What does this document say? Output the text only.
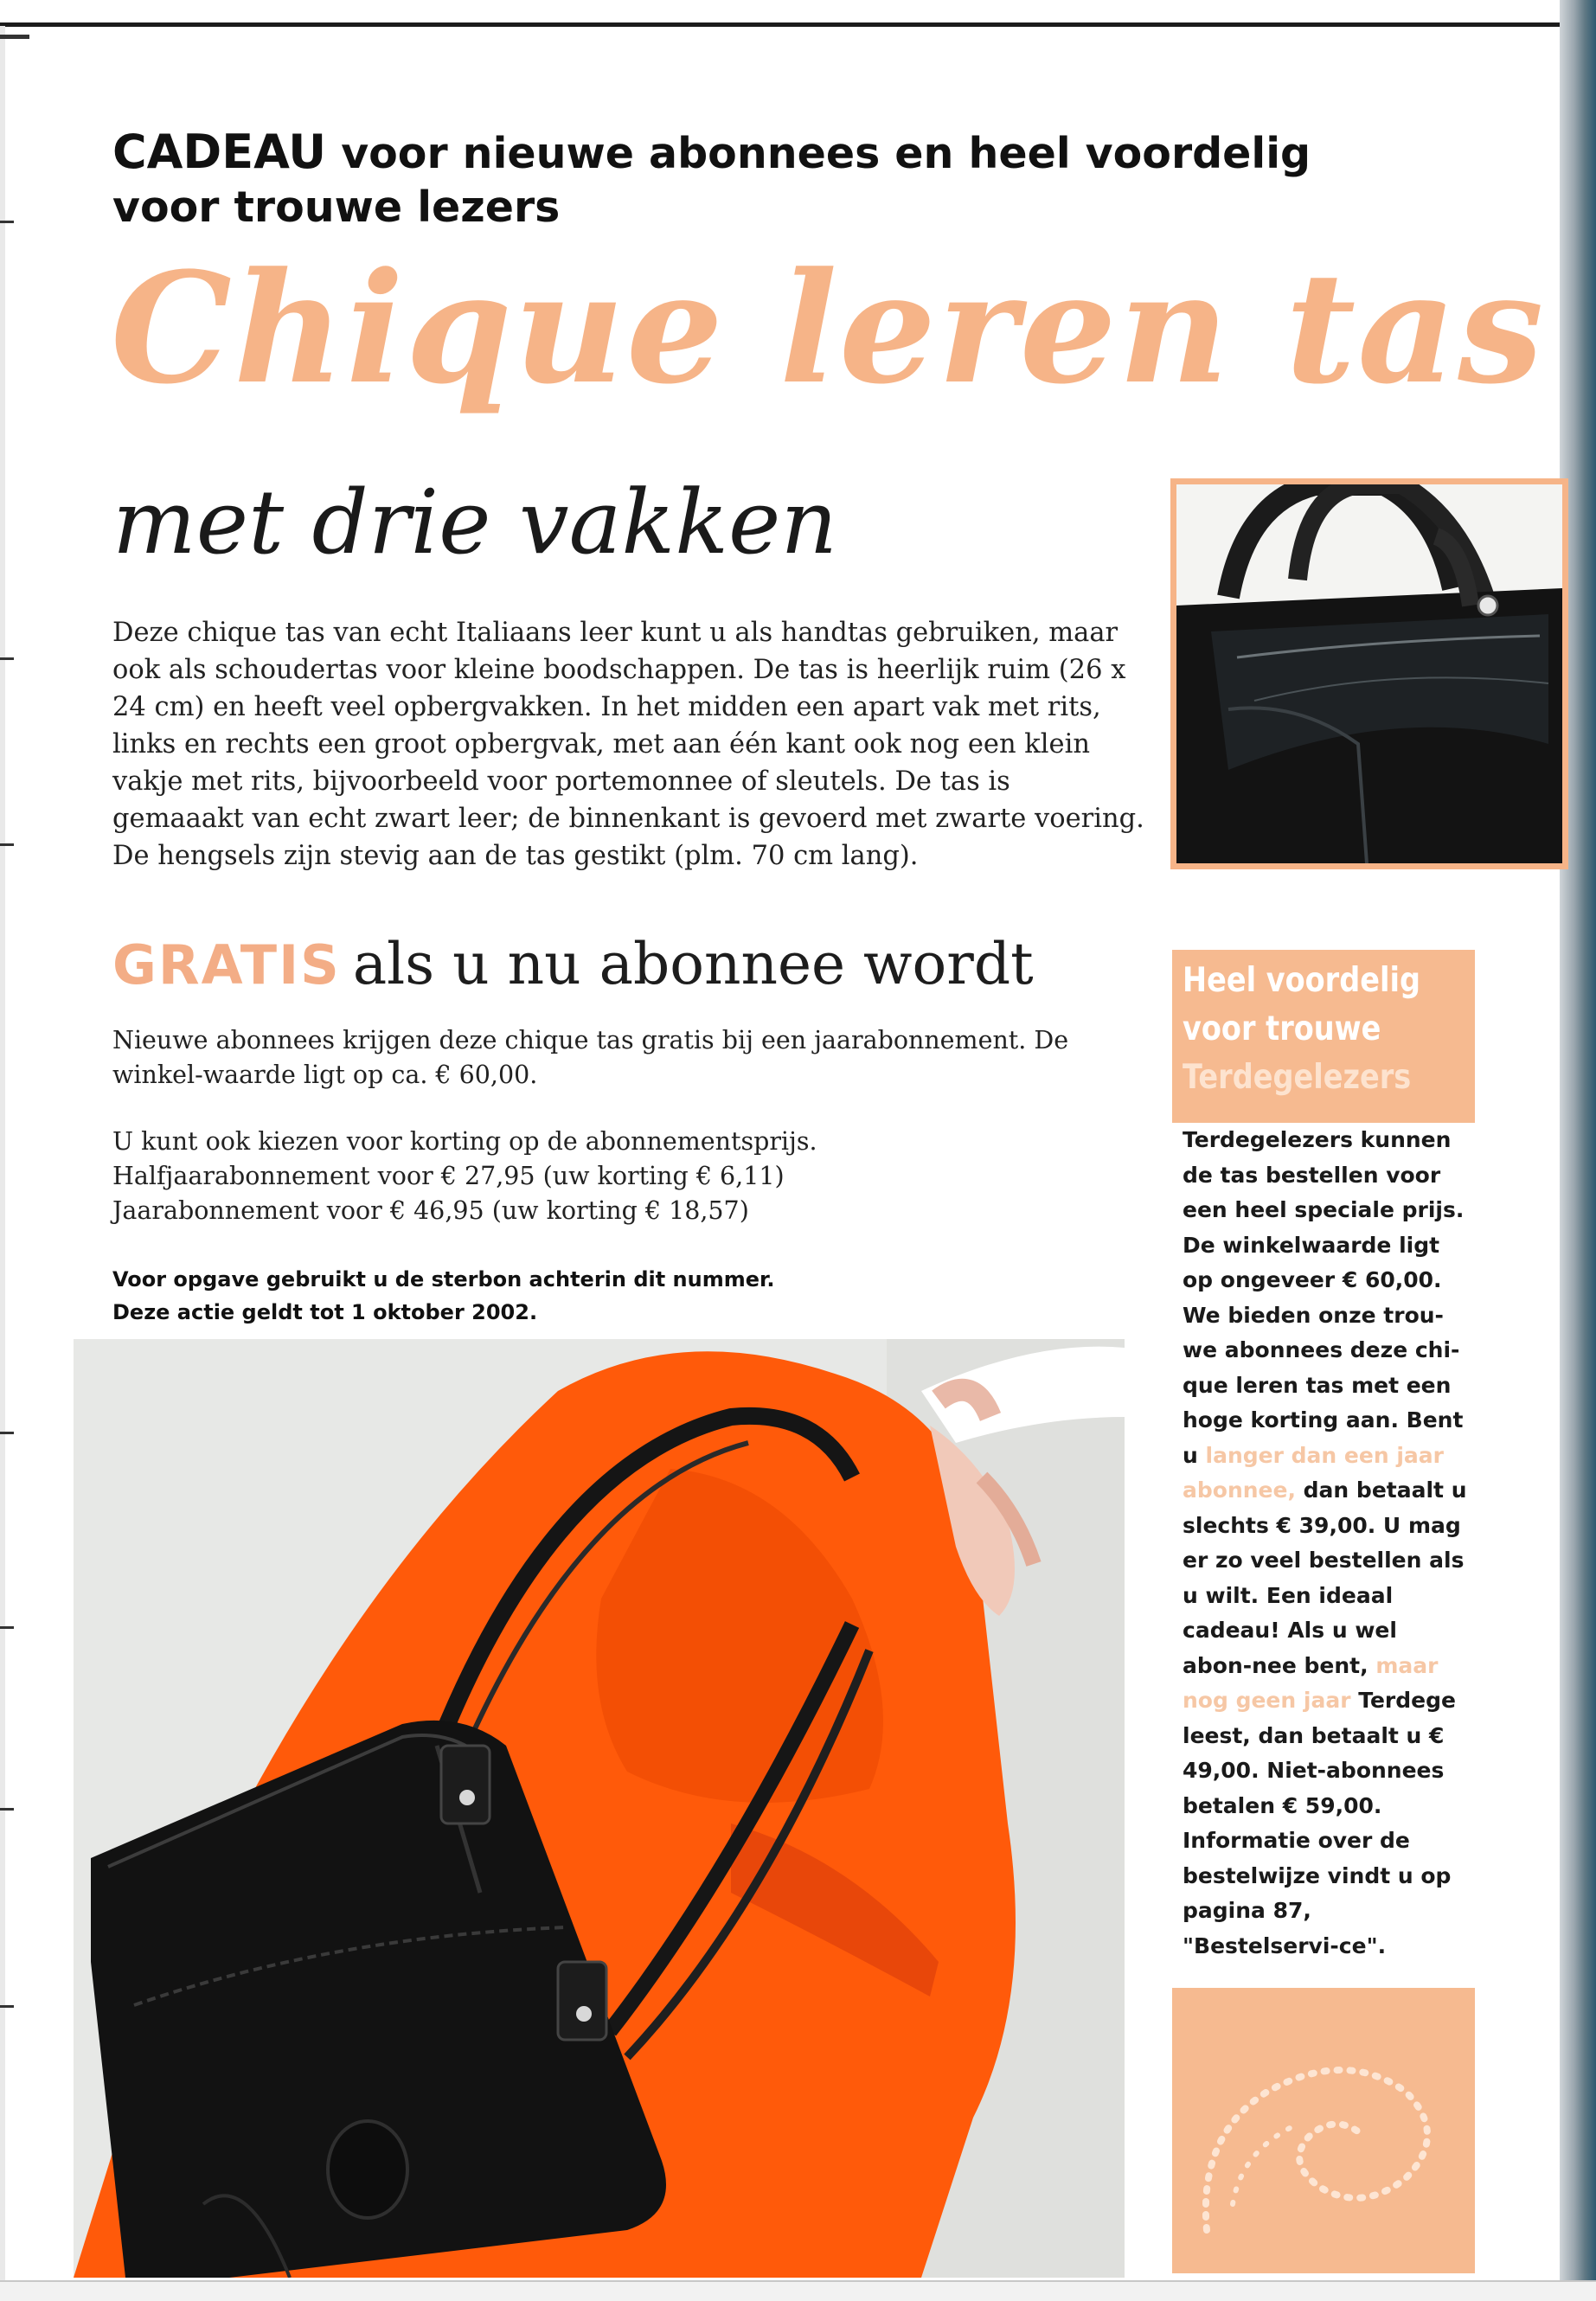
CADEAU voor nieuwe abonnees en heel voordelig voor trouwe lezers
Chique leren tas
met drie vakken
Deze chique tas van echt Italiaans leer kunt u als handtas gebruiken, maar ook als schoudertas voor kleine boodschappen. De tas is heerlijk ruim (26 x 24 cm) en heeft veel opbergvakken. In het midden een apart vak met rits, links en rechts een groot opbergvak, met aan één kant ook nog een klein vakje met rits, bijvoorbeeld voor portemonnee of sleutels. De tas is gemaaakt van echt zwart leer; de binnenkant is gevoerd met zwarte voering. De hengsels zijn stevig aan de tas gestikt (plm. 70 cm lang).
GRATIS als u nu abonnee wordt
Nieuwe abonnees krijgen deze chique tas gratis bij een jaarabonnement. De winkel-waarde ligt op ca. € 60,00.
U kunt ook kiezen voor korting op de abonnementsprijs.
Halfjaarabonnement voor € 27,95 (uw korting € 6,11)
Jaarabonnement voor € 46,95 (uw korting € 18,57)
Voor opgave gebruikt u de sterbon achterin dit nummer.
Deze actie geldt tot 1 oktober 2002.
Heel voordelig
voor trouwe
Terdegelezers
Terdegelezers kunnen de tas bestellen voor een heel speciale prijs. De winkelwaarde ligt op ongeveer € 60,00. We bieden onze trou-we abonnees deze chi-que leren tas met een hoge korting aan. Bent u langer dan een jaar abonnee, dan betaalt u slechts € 39,00. U mag er zo veel bestellen als u wilt. Een ideaal cadeau! Als u wel abon-nee bent, maar nog geen jaar Terdege leest, dan betaalt u € 49,00. Niet-abonnees betalen € 59,00.
Informatie over de bestelwijze vindt u op pagina 87, "Bestelservi-ce".
